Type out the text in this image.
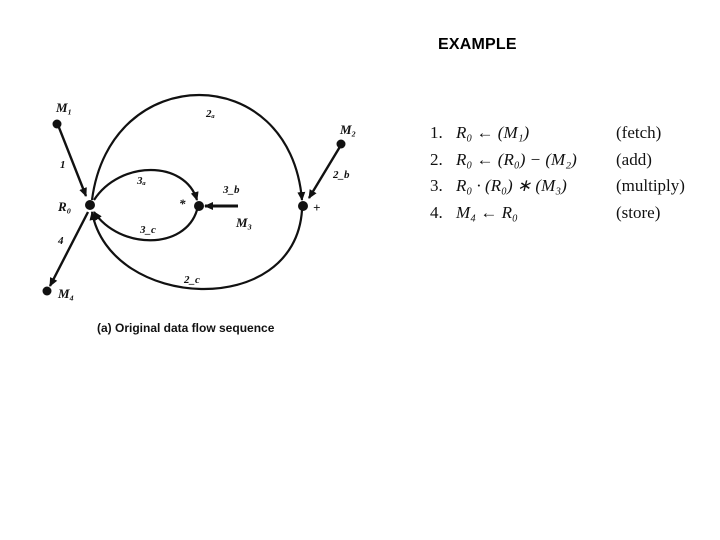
EXAMPLE
M₁
M₂
R₀	*
M₃
+
M₄
1
2ₐ
2_b
2_c
3ₐ
3_b
3_c
4
(a) Original data flow sequence
1. R₀ ← (M₁)	(fetch)
2. R₀ ← (R₀) − (M₂)	(add)
3. R₀ · (R₀) ∗ (M₃)	(multiply)
4. M₄ ← R₀	(store)
